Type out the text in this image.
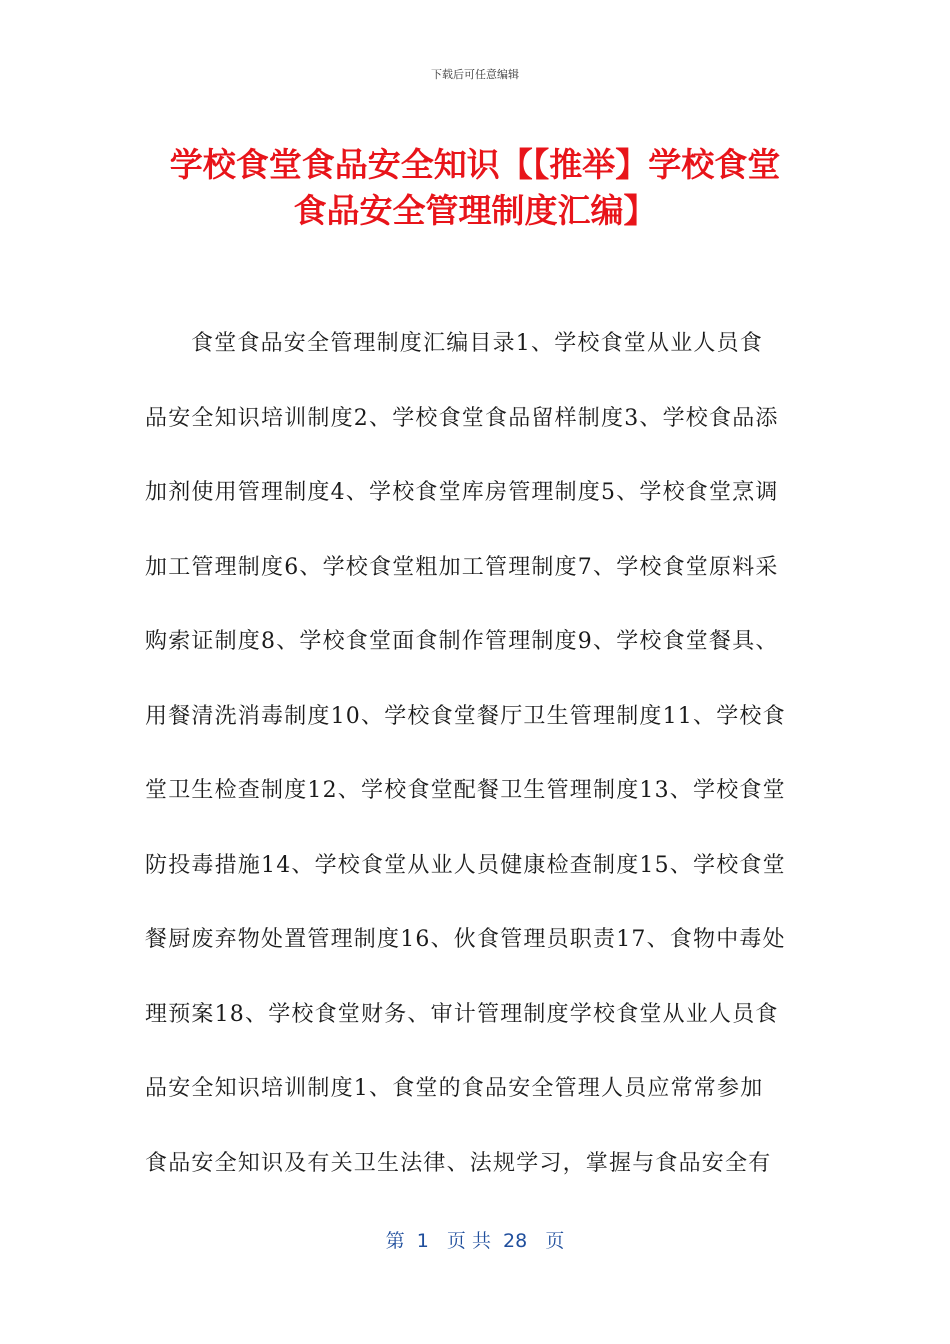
下载后可任意编辑
学校食堂食品安全知识【【推举】学校食堂
食品安全管理制度汇编】
食堂食品安全管理制度汇编目录1、学校食堂从业人员食
品安全知识培训制度2、学校食堂食品留样制度3、学校食品添
加剂使用管理制度4、学校食堂库房管理制度5、学校食堂烹调
加工管理制度6、学校食堂粗加工管理制度7、学校食堂原料采
购索证制度8、学校食堂面食制作管理制度9、学校食堂餐具、
用餐清洗消毒制度10、学校食堂餐厅卫生管理制度11、学校食
堂卫生检查制度12、学校食堂配餐卫生管理制度13、学校食堂
防投毒措施14、学校食堂从业人员健康检查制度15、学校食堂
餐厨废弃物处置管理制度16、伙食管理员职责17、食物中毒处
理预案18、学校食堂财务、审计管理制度学校食堂从业人员食
品安全知识培训制度1、食堂的食品安全管理人员应常常参加
食品安全知识及有关卫生法律、法规学习，掌握与食品安全有
第  1   页 共  28   页
